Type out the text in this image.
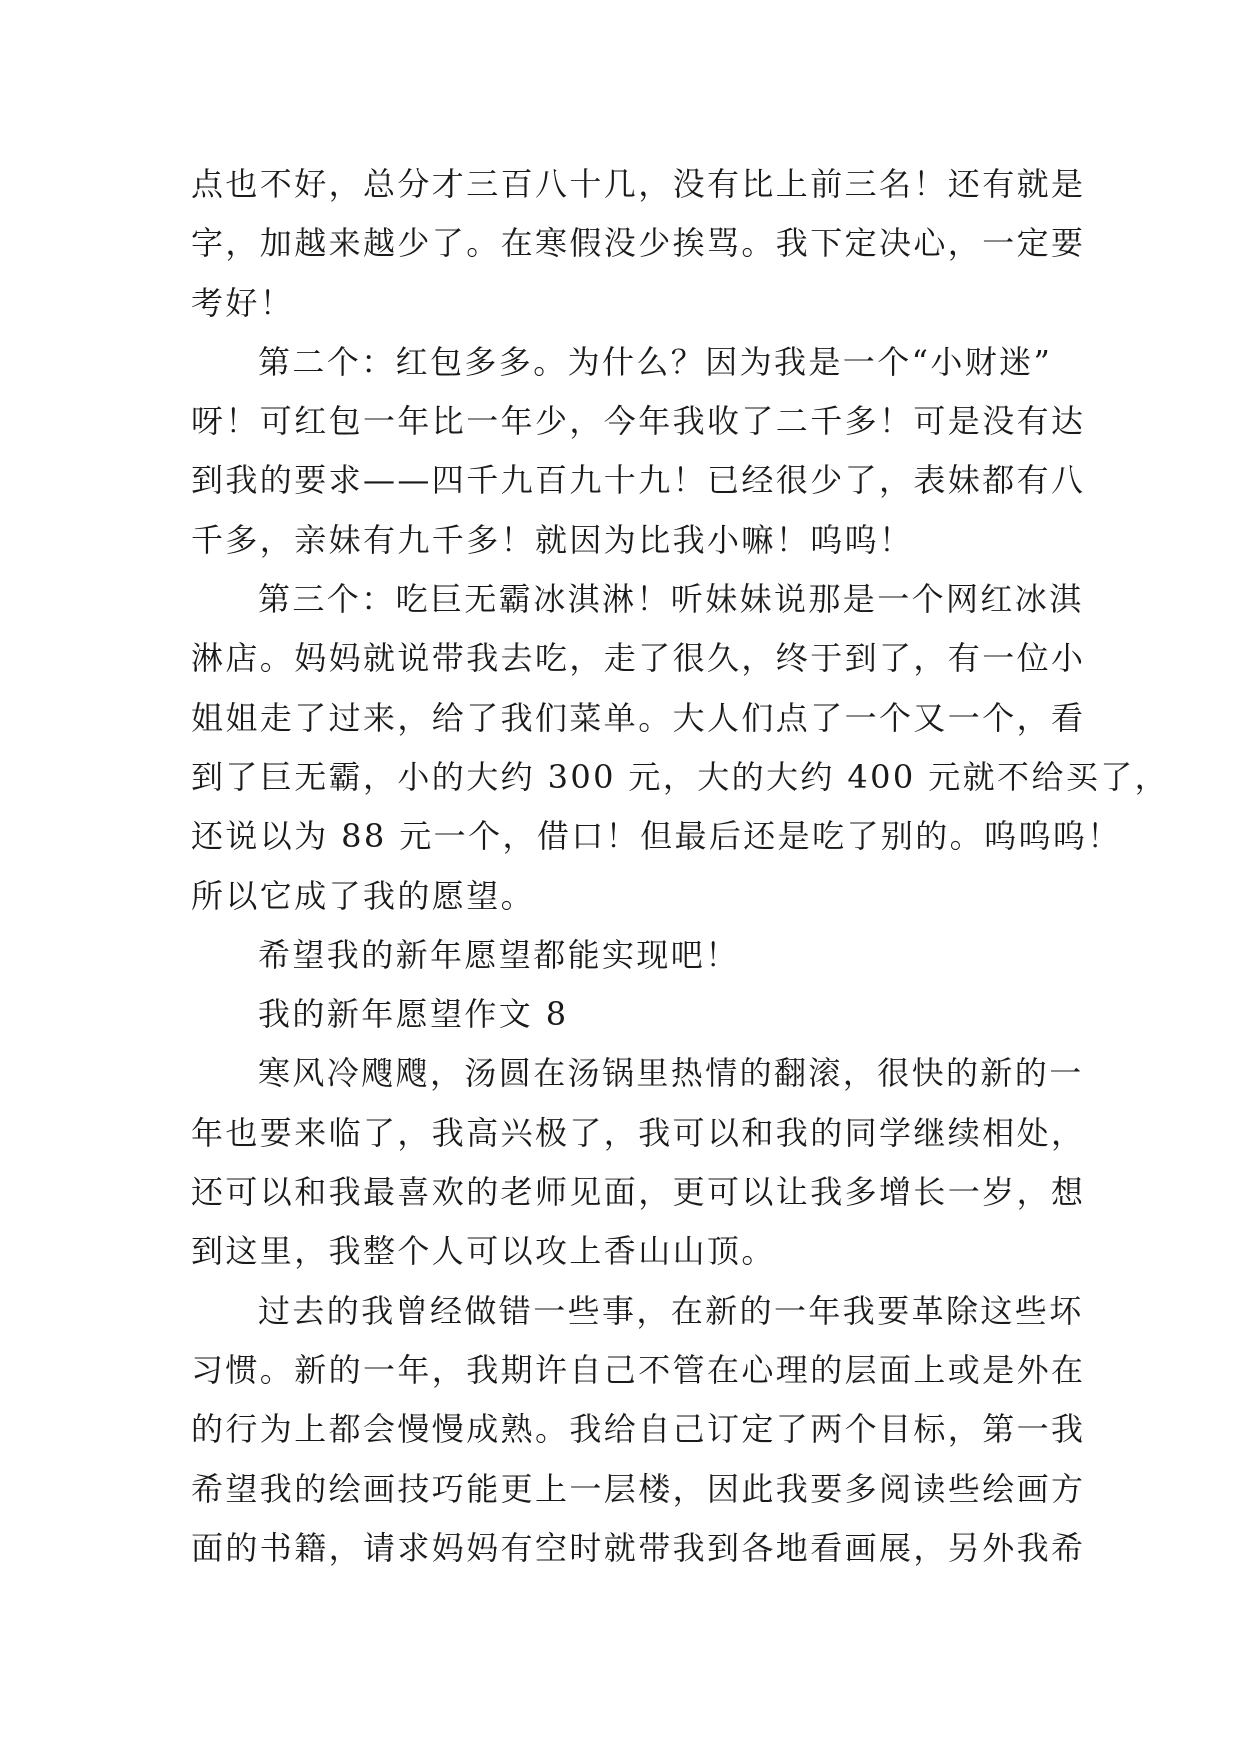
点也不好，总分才三百八十几，没有比上前三名！还有就是
字，加越来越少了。在寒假没少挨骂。我下定决心，一定要
考好！
第二个：红包多多。为什么？因为我是一个“小财迷”
呀！可红包一年比一年少，今年我收了二千多！可是没有达
到我的要求——四千九百九十九！已经很少了，表妹都有八
千多，亲妹有九千多！就因为比我小嘛！呜呜！
第三个：吃巨无霸冰淇淋！听妹妹说那是一个网红冰淇
淋店。妈妈就说带我去吃，走了很久，终于到了，有一位小
姐姐走了过来，给了我们菜单。大人们点了一个又一个，看
到了巨无霸，小的大约 300 元，大的大约 400 元就不给买了，
还说以为 88 元一个，借口！但最后还是吃了别的。呜呜呜！
所以它成了我的愿望。
希望我的新年愿望都能实现吧！
我的新年愿望作文 8
寒风冷飕飕，汤圆在汤锅里热情的翻滚，很快的新的一
年也要来临了，我高兴极了，我可以和我的同学继续相处，
还可以和我最喜欢的老师见面，更可以让我多增长一岁，想
到这里，我整个人可以攻上香山山顶。
过去的我曾经做错一些事，在新的一年我要革除这些坏
习惯。新的一年，我期许自己不管在心理的层面上或是外在
的行为上都会慢慢成熟。我给自己订定了两个目标，第一我
希望我的绘画技巧能更上一层楼，因此我要多阅读些绘画方
面的书籍，请求妈妈有空时就带我到各地看画展，另外我希
